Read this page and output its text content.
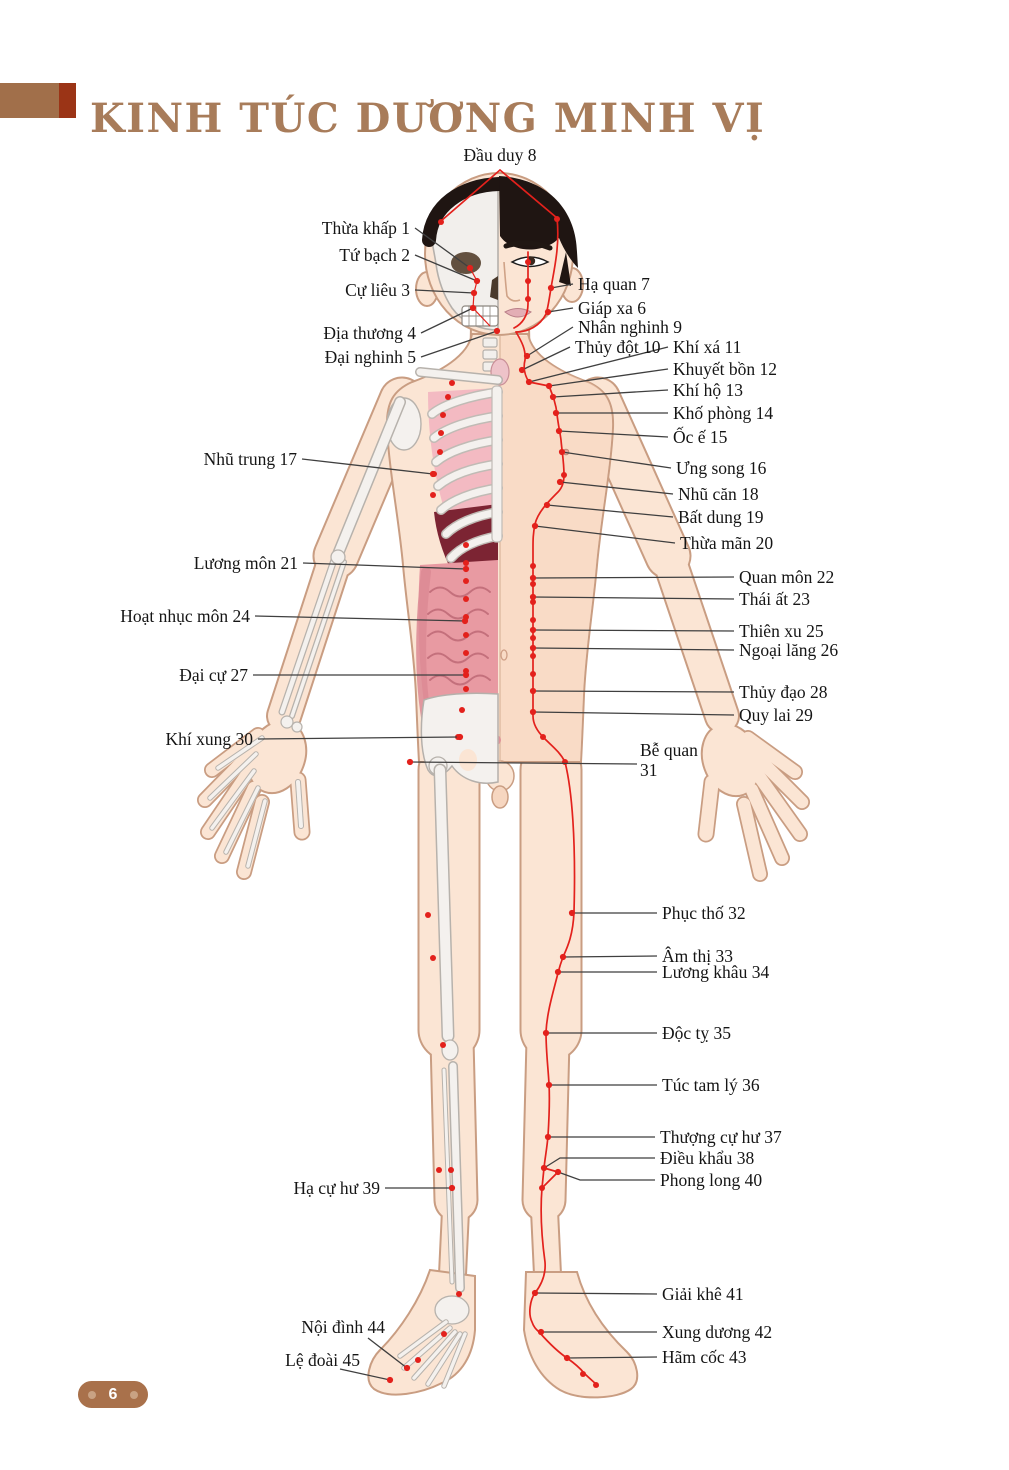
KINH TÚC DƯƠNG MINH VỊ
Thừa khấp 1
Tứ bạch 2
Cự liêu 3
Địa thương 4
Đại nghinh 5
Giáp xa 6
Hạ quan 7
Đầu duy 8
Nhân nghinh 9
Thủy đột 10 Khí xá 11
Khuyết bồn 12
Khí hộ 13
Khố phòng 14
Ốc ế 15
Ưng song 16
Nhũ trung 17
Nhũ căn 18
Bất dung 19
Thừa mãn 20
Lương môn 21
Quan môn 22
Thái ất 23
Hoạt nhục môn 24
Thiên xu 25
Ngoại lăng 26
Đại cự 27
Thủy đạo 28
Quy lai 29
Khí xung 30
Bễ quan 31
Phục thố 32
Âm thị 33
Lương khâu 34
Độc tỵ 35
Túc tam lý 36
Thượng cự hư 37
Điều khẩu 38
Hạ cự hư 39	Phong long 40
Giải khê 41
Xung dương 42
Hãm cốc 43
Nội đình 44
Lệ đoài 45
6
